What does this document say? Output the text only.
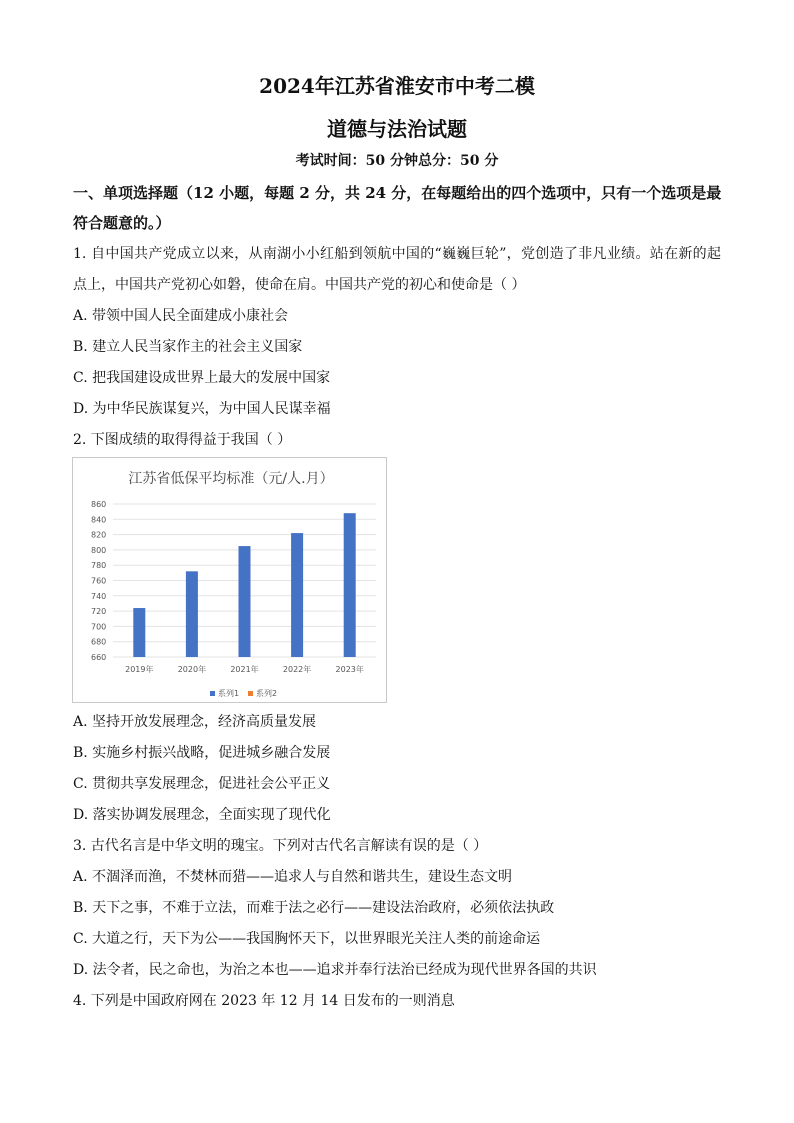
2024年江苏省淮安市中考二模
道德与法治试题
考试时间：50 分钟总分：50 分
一、单项选择题（12 小题，每题 2 分，共 24 分，在每题给出的四个选项中，只有一个选项是最符合题意的。）
1. 自中国共产党成立以来，从南湖小小红船到领航中国的“巍巍巨轮”，党创造了非凡业绩。站在新的起点上，中国共产党初心如磐，使命在肩。中国共产党的初心和使命是（ ）
A. 带领中国人民全面建成小康社会
B. 建立人民当家作主的社会主义国家
C. 把我国建设成世界上最大的发展中国家
D. 为中华民族谋复兴，为中国人民谋幸福
2. 下图成绩的取得得益于我国（ ）
江苏省低保平均标准（元/人.月）
860
840
820
800
780
760
740
720
700
680
660
2019年	2020年	2021年	2022年	2023年
系列1 系列2
A. 坚持开放发展理念，经济高质量发展
B. 实施乡村振兴战略，促进城乡融合发展
C. 贯彻共享发展理念，促进社会公平正义
D. 落实协调发展理念，全面实现了现代化
3. 古代名言是中华文明的瑰宝。下列对古代名言解读有误的是（ ）
A. 不涸泽而渔，不焚林而猎——追求人与自然和谐共生，建设生态文明
B. 天下之事，不难于立法，而难于法之必行——建设法治政府，必须依法执政
C. 大道之行，天下为公——我国胸怀天下，以世界眼光关注人类的前途命运
D. 法令者，民之命也，为治之本也——追求并奉行法治已经成为现代世界各国的共识
4. 下列是中国政府网在 2023 年 12 月 14 日发布的一则消息
